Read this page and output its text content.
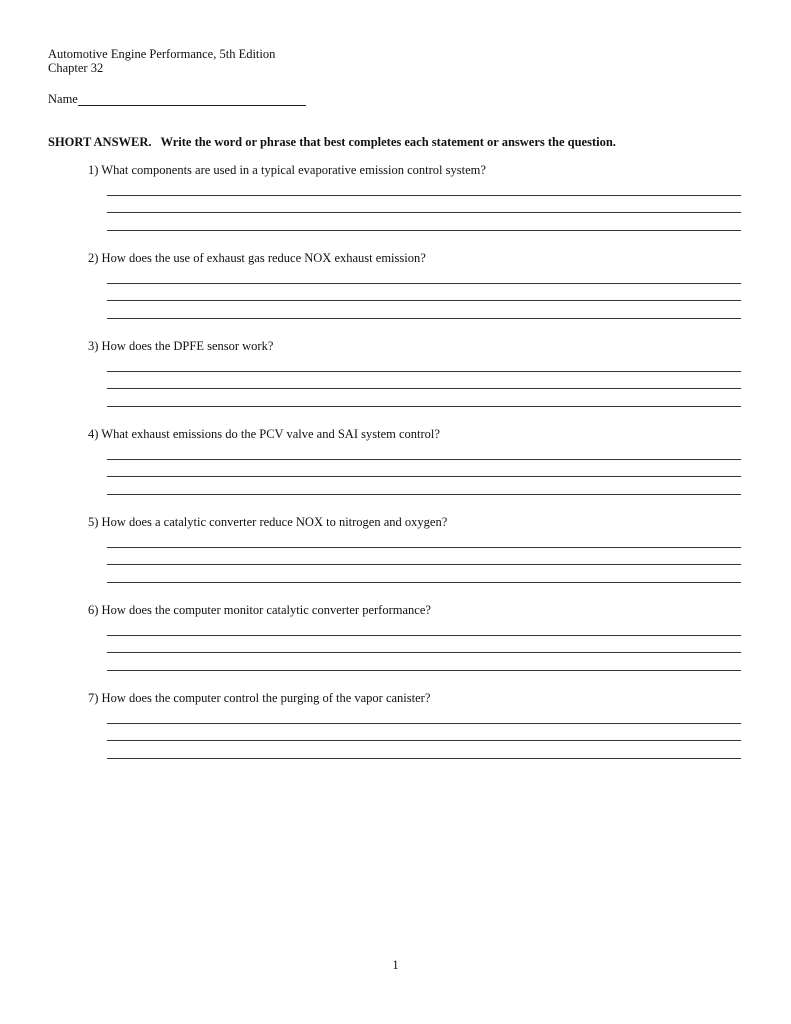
Automotive Engine Performance, 5th Edition
Chapter 32
Name
SHORT ANSWER. Write the word or phrase that best completes each statement or answers the question.
1) What components are used in a typical evaporative emission control system?
2) How does the use of exhaust gas reduce NOX exhaust emission?
3) How does the DPFE sensor work?
4) What exhaust emissions do the PCV valve and SAI system control?
5) How does a catalytic converter reduce NOX to nitrogen and oxygen?
6) How does the computer monitor catalytic converter performance?
7) How does the computer control the purging of the vapor canister?
1
